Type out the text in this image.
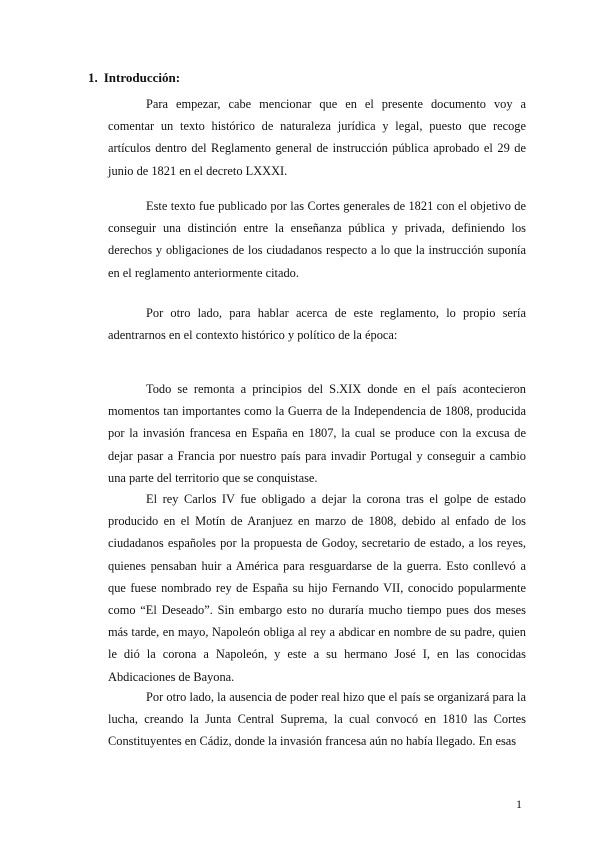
1. Introducción:

Para empezar, cabe mencionar que en el presente documento voy a comentar un texto histórico de naturaleza jurídica y legal, puesto que recoge artículos dentro del Reglamento general de instrucción pública aprobado el 29 de junio de 1821 en el decreto LXXXI.

Este texto fue publicado por las Cortes generales de 1821 con el objetivo de conseguir una distinción entre la enseñanza pública y privada, definiendo los derechos y obligaciones de los ciudadanos respecto a lo que la instrucción suponía en el reglamento anteriormente citado.

Por otro lado, para hablar acerca de este reglamento, lo propio sería adentrarnos en el contexto histórico y político de la época:

Todo se remonta a principios del S.XIX donde en el país acontecieron momentos tan importantes como la Guerra de la Independencia de 1808, producida por la invasión francesa en España en 1807, la cual se produce con la excusa de dejar pasar a Francia por nuestro país para invadir Portugal y conseguir a cambio una parte del territorio que se conquistase.

El rey Carlos IV fue obligado a dejar la corona tras el golpe de estado producido en el Motín de Aranjuez en marzo de 1808, debido al enfado de los ciudadanos españoles por la propuesta de Godoy, secretario de estado, a los reyes, quienes pensaban huir a América para resguardarse de la guerra. Esto conllevó a que fuese nombrado rey de España su hijo Fernando VII, conocido popularmente como “El Deseado”. Sin embargo esto no duraría mucho tiempo pues dos meses más tarde, en mayo, Napoleón obliga al rey a abdicar en nombre de su padre, quien le dió la corona a Napoleón, y este a su hermano José I, en las conocidas Abdicaciones de Bayona.

Por otro lado, la ausencia de poder real hizo que el país se organizará para la lucha, creando la Junta Central Suprema, la cual convocó en 1810 las Cortes Constituyentes en Cádiz, donde la invasión francesa aún no había llegado. En esas

1
